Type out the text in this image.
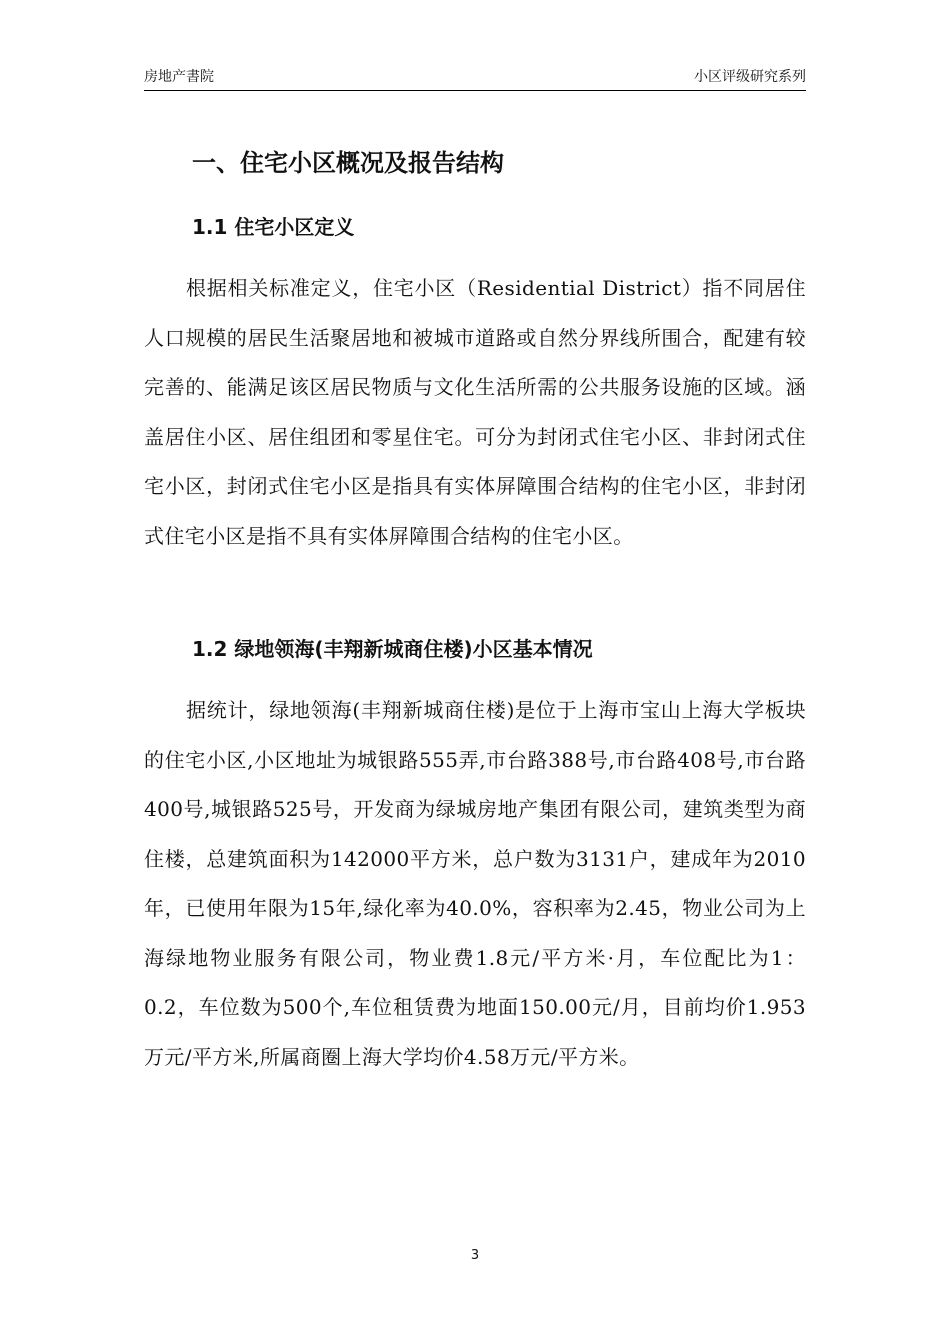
房地产書院	小区评级研究系列
一、住宅小区概况及报告结构
1.1 住宅小区定义

根据相关标准定义，住宅小区（Residential District）指不同居住人口规模的居民生活聚居地和被城市道路或自然分界线所围合，配建有较完善的、能满足该区居民物质与文化生活所需的公共服务设施的区域。涵盖居住小区、居住组团和零星住宅。可分为封闭式住宅小区、非封闭式住宅小区，封闭式住宅小区是指具有实体屏障围合结构的住宅小区，非封闭式住宅小区是指不具有实体屏障围合结构的住宅小区。

1.2 绿地领海(丰翔新城商住楼)小区基本情况

据统计，绿地领海(丰翔新城商住楼)是位于上海市宝山上海大学板块的住宅小区,小区地址为城银路555弄,市台路388号,市台路408号,市台路400号,城银路525号，开发商为绿城房地产集团有限公司，建筑类型为商住楼，总建筑面积为142000平方米，总户数为3131户，建成年为2010年，已使用年限为15年,绿化率为40.0%，容积率为2.45，物业公司为上海绿地物业服务有限公司，物业费1.8元/平方米·月，车位配比为1：0.2，车位数为500个,车位租赁费为地面150.00元/月，目前均价1.953万元/平方米,所属商圈上海大学均价4.58万元/平方米。

3
